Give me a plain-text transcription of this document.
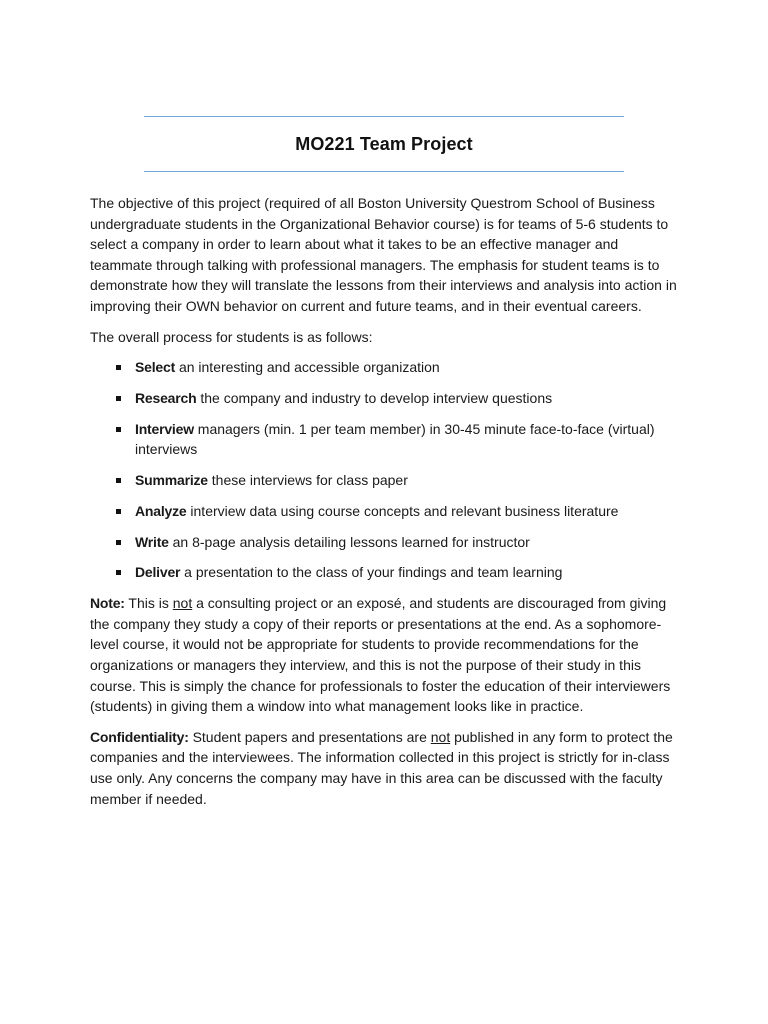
MO221 Team Project

The objective of this project (required of all Boston University Questrom School of Business undergraduate students in the Organizational Behavior course) is for teams of 5-6 students to select a company in order to learn about what it takes to be an effective manager and teammate through talking with professional managers. The emphasis for student teams is to demonstrate how they will translate the lessons from their interviews and analysis into action in improving their OWN behavior on current and future teams, and in their eventual careers.

The overall process for students is as follows:

Select an interesting and accessible organization
Research the company and industry to develop interview questions
Interview managers (min. 1 per team member) in 30-45 minute face-to-face (virtual) interviews
Summarize these interviews for class paper
Analyze interview data using course concepts and relevant business literature
Write an 8-page analysis detailing lessons learned for instructor
Deliver a presentation to the class of your findings and team learning

Note: This is not a consulting project or an exposé, and students are discouraged from giving the company they study a copy of their reports or presentations at the end. As a sophomore-level course, it would not be appropriate for students to provide recommendations for the organizations or managers they interview, and this is not the purpose of their study in this course. This is simply the chance for professionals to foster the education of their interviewers (students) in giving them a window into what management looks like in practice.

Confidentiality: Student papers and presentations are not published in any form to protect the companies and the interviewees. The information collected in this project is strictly for in-class use only. Any concerns the company may have in this area can be discussed with the faculty member if needed.
